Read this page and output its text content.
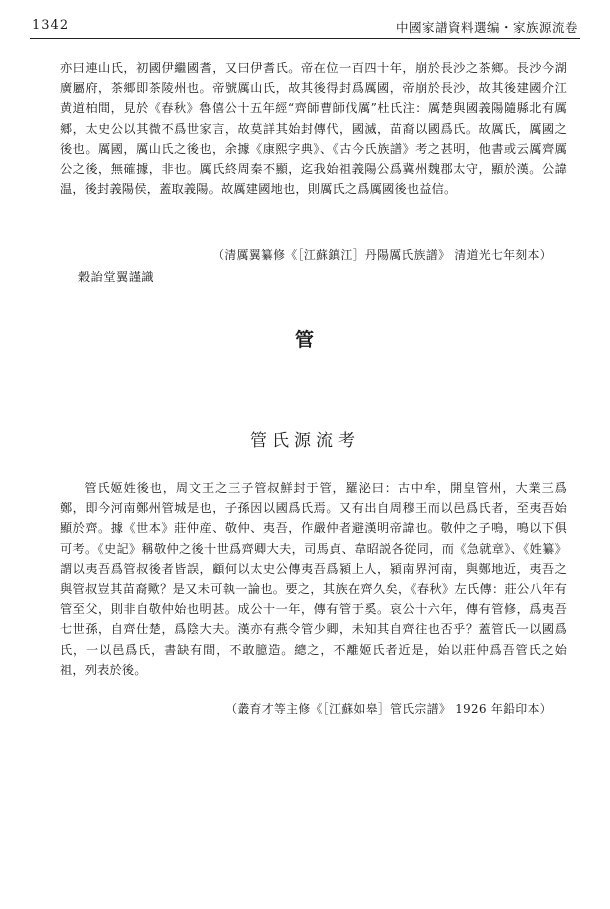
1342	中國家譜資料選编・家族源流卷

亦曰連山氏，初國伊繼國耆，又曰伊耆氏。帝在位一百四十年，崩於長沙之茶鄉。長沙今湖廣屬府，茶郷即茶陵州也。帝號厲山氏，故其後得封爲厲國，帝崩於長沙，故其後建國介江黄道柏間，見於《春秋》魯僖公十五年經“齊師曹師伐厲”杜氏注：厲楚與國義陽隨縣北有厲郷，太史公以其微不爲世家言，故莫詳其始封傳代，國滅，苗裔以國爲氏。故厲氏，厲國之後也。厲國，厲山氏之後也，余據《康熙字典》、《古今氏族譜》考之甚明，他書或云厲齊厲公之後，無確據，非也。厲氏終周秦不顯，迄我始祖義陽公爲冀州魏郡太守，顯於漢。公諱温，後封義陽侯，蓋取義陽。故厲建國地也，則厲氏之爲厲國後也益信。

穀詒堂翼謹識
（清厲翼纂修《［江蘇鎮江］丹陽厲氏族譜》 清道光七年刻本）
管
管氏源流考

管氏姬姓後也，周文王之三子管叔鮮封于管，羅泌曰：古中牟，開皇管州，大業三爲鄭，即今河南鄭州管城是也，子孫因以國爲氏焉。又有出自周穆王而以邑爲氏者，至夷吾始顯於齊。據《世本》莊仲産、敬仲、夷吾，作嚴仲者避漢明帝諱也。敬仲之子鳴，鳴以下俱可考。《史記》稱敬仲之後十世爲齊卿大夫，司馬貞、韋昭説各從同，而《急就章》、《姓纂》謂以夷吾爲管叔後者皆誤，顧何以太史公傳夷吾爲潁上人，潁南界河南，與鄭地近，夷吾之與管叔豈其苗裔歟？是又未可執一論也。要之，其族在齊久矣，《春秋》左氏傳：莊公八年有管至父，則非自敬仲始也明甚。成公十一年，傳有管于奚。哀公十六年，傳有管修，爲夷吾七世孫，自齊仕楚，爲陰大夫。漢亦有燕令管少卿，未知其自齊往也否乎？蓋管氏一以國爲氏，一以邑爲氏，書缺有間，不敢臆造。總之，不離姬氏者近是，始以莊仲爲吾管氏之始祖，列表於後。

（叢育才等主修《［江蘇如皋］管氏宗譜》 1926 年鉛印本）
